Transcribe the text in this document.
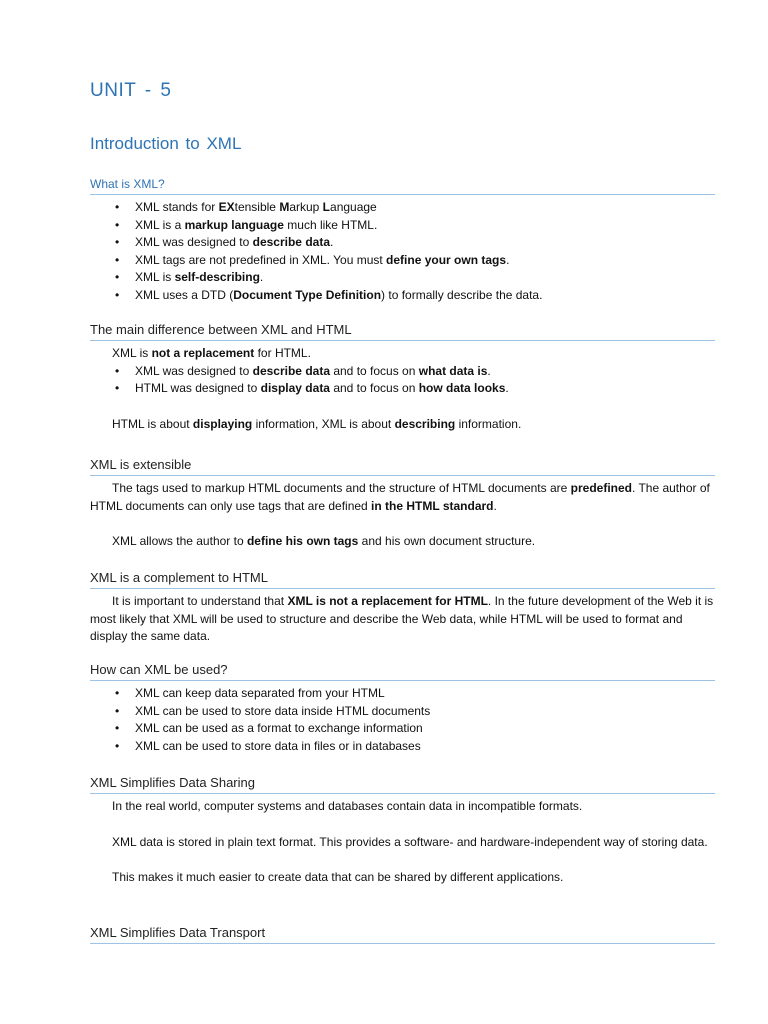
UNIT - 5
Introduction to XML
What is XML?
• XML stands for EXtensible Markup Language
• XML is a markup language much like HTML.
• XML was designed to describe data.
• XML tags are not predefined in XML. You must define your own tags.
• XML is self-describing.
• XML uses a DTD (Document Type Definition) to formally describe the data.
The main difference between XML and HTML

XML is not a replacement for HTML.

• XML was designed to describe data and to focus on what data is.
• HTML was designed to display data and to focus on how data looks.

HTML is about displaying information, XML is about describing information.

XML is extensible

The tags used to markup HTML documents and the structure of HTML documents are predefined. The author of HTML documents can only use tags that are defined in the HTML standard.

XML allows the author to define his own tags and his own document structure.

XML is a complement to HTML

It is important to understand that XML is not a replacement for HTML. In the future development of the Web it is most likely that XML will be used to structure and describe the Web data, while HTML will be used to format and display the same data.

How can XML be used?
• XML can keep data separated from your HTML
• XML can be used to store data inside HTML documents
• XML can be used as a format to exchange information
• XML can be used to store data in files or in databases
XML Simplifies Data Sharing

In the real world, computer systems and databases contain data in incompatible formats.

XML data is stored in plain text format. This provides a software- and hardware-independent way of storing data.

This makes it much easier to create data that can be shared by different applications.

XML Simplifies Data Transport
